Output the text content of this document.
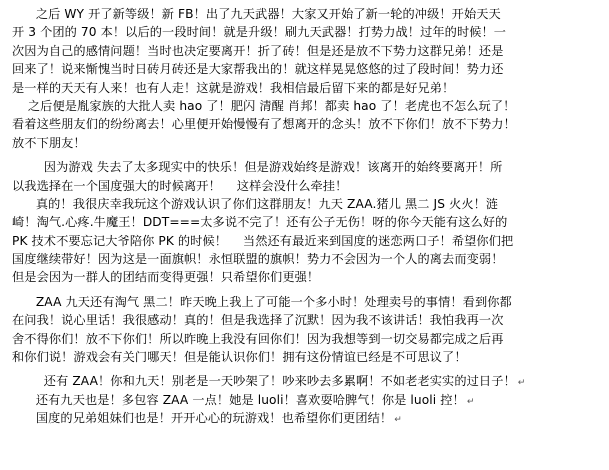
之后 WY 开了新等级！新 FB！出了九天武器！大家又开始了新一轮的冲级！开始天天
开 3 个团的 70 本！以后的一段时间！就是升级！刷九天武器！打势力战！过年的时候！一
次因为自己的感情问题！当时也决定要离开！折了砖！但是还是放不下势力这群兄弟！还是
回来了！说来惭愧当时日砖月砖还是大家帮我出的！就这样晃晃悠悠的过了段时间！势力还
是一样的天天有人来！也有人走！这就是游戏！我相信最后留下来的都是好兄弟！
之后便是胤家族的大批人卖 hao 了！肥闪 清醒 肖邦！都卖 hao 了！老虎也不怎么玩了！
看着这些朋友们的纷纷离去！心里便开始慢慢有了想离开的念头！放不下你们！放不下势力！
放不下朋友！
因为游戏 失去了太多现实中的快乐！但是游戏始终是游戏！该离开的始终要离开！所
以我选择在一个国度强大的时候离开！    这样会没什么牵挂！
真的！我很庆幸我玩这个游戏认识了你们这群朋友！九天 ZAA.猪儿 黑二 JS 火火！涟
崎！淘气.心疼.牛魔王！DDT===太多说不完了！还有公子无伤！呀的你今天能有这么好的
PK 技术不要忘记大爷陪你 PK 的时候！    当然还有最近来到国度的迷恋两口子！希望你们把
国度继续带好！因为这是一面旗帜！永恒联盟的旗帜！势力不会因为一个人的离去而变弱！
但是会因为一群人的团结而变得更强！只希望你们更强！
ZAA 九天还有淘气 黑二！昨天晚上我上了可能一个多小时！处理卖号的事情！看到你都
在问我！说心里话！我很感动！真的！但是我选择了沉默！因为我不该讲话！我怕我再一次
舍不得你们！放不下你们！所以昨晚上我没有回你们！因为我想等到一切交易都完成之后再
和你们说！游戏会有关门哪天！但是能认识你们！拥有这份情谊已经是不可思议了！
还有 ZAA！你和九天！别老是一天吵架了！吵来吵去多累啊！不如老老实实的过日子！ ↵
还有九天也是！多包容 ZAA 一点！她是 luoli！喜欢耍哈脾气！你是 luoli 控！ ↵
国度的兄弟姐妹们也是！开开心心的玩游戏！也希望你们更团结！ ↵
